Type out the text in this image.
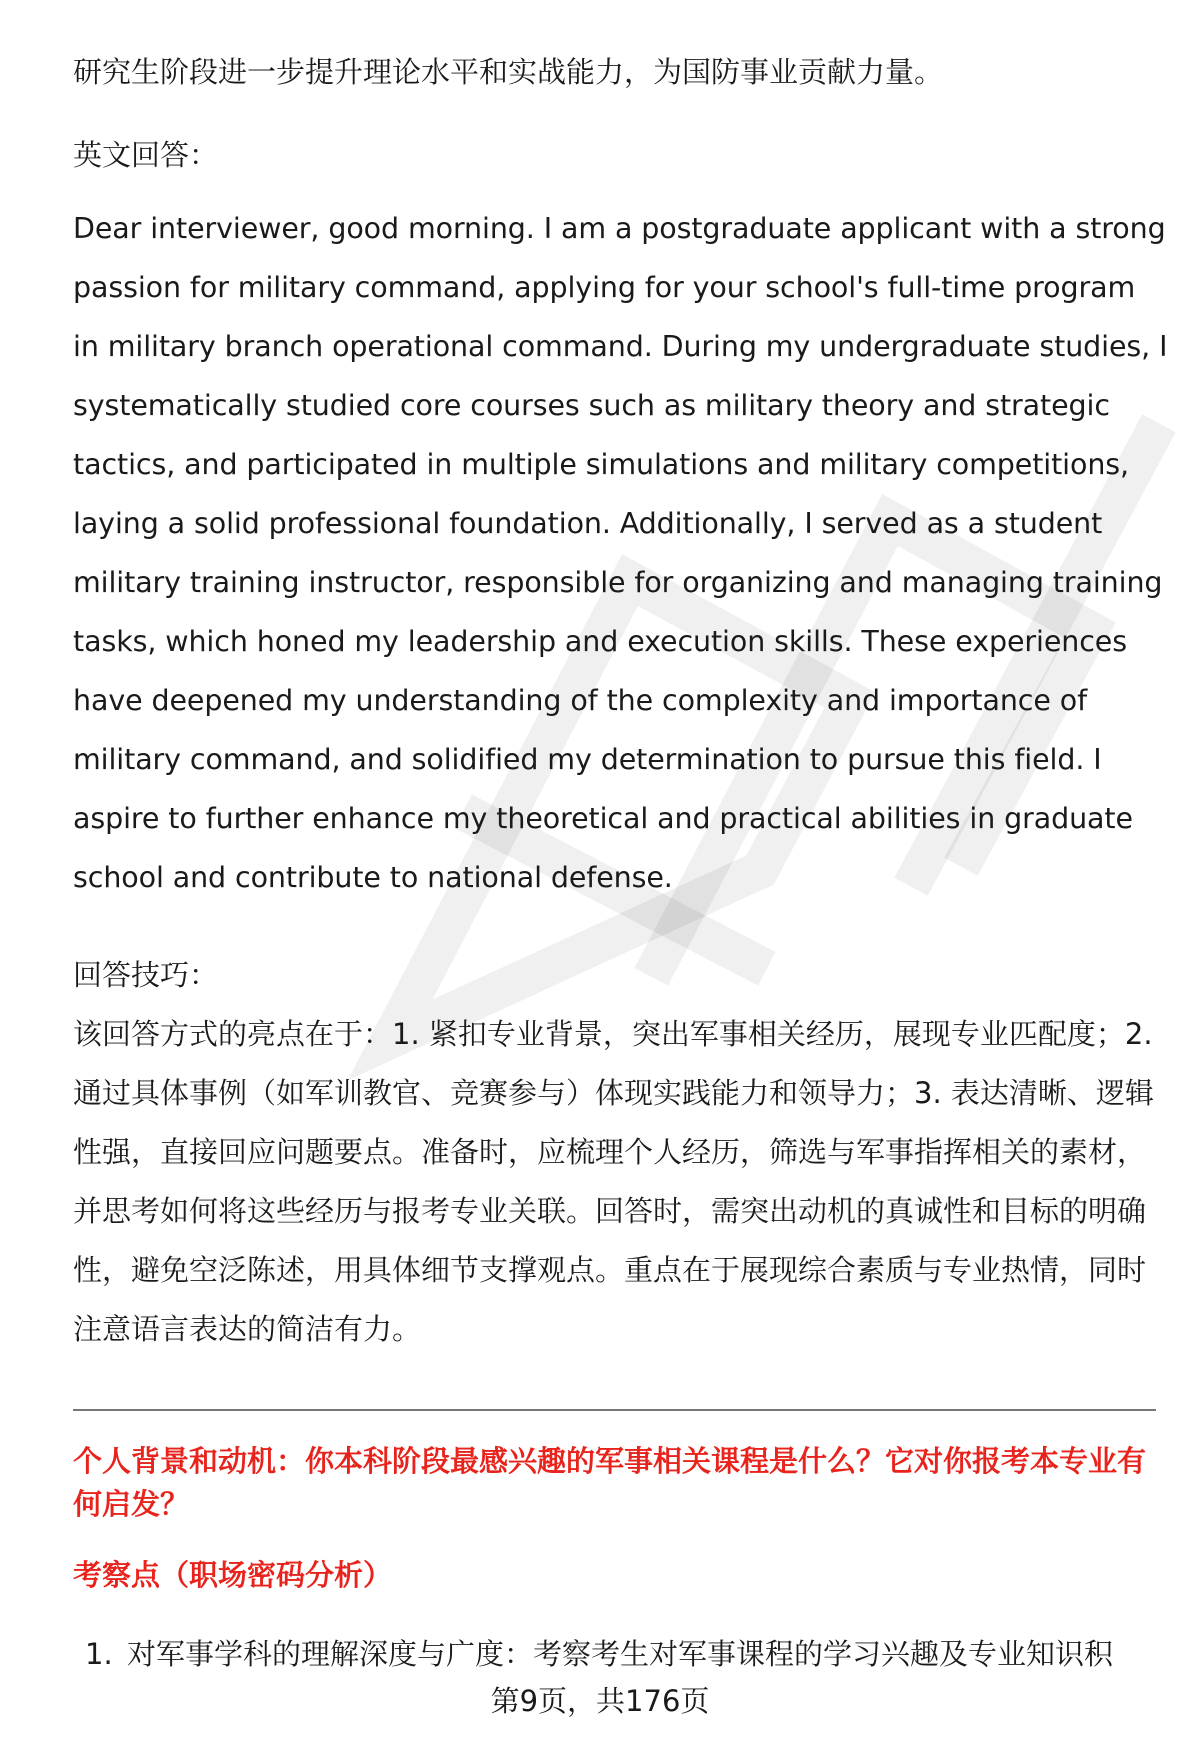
研究生阶段进一步提升理论水平和实战能力，为国防事业贡献力量。

英文回答：

Dear interviewer, good morning. I am a postgraduate applicant with a strong passion for military command, applying for your school's full-time program in military branch operational command. During my undergraduate studies, I systematically studied core courses such as military theory and strategic tactics, and participated in multiple simulations and military competitions, laying a solid professional foundation. Additionally, I served as a student military training instructor, responsible for organizing and managing training tasks, which honed my leadership and execution skills. These experiences have deepened my understanding of the complexity and importance of military command, and solidified my determination to pursue this field. I aspire to further enhance my theoretical and practical abilities in graduate school and contribute to national defense.

回答技巧：

该回答方式的亮点在于：1. 紧扣专业背景，突出军事相关经历，展现专业匹配度；2. 通过具体事例（如军训教官、竞赛参与）体现实践能力和领导力；3. 表达清晰、逻辑性强，直接回应问题要点。准备时，应梳理个人经历，筛选与军事指挥相关的素材，并思考如何将这些经历与报考专业关联。回答时，需突出动机的真诚性和目标的明确性，避免空泛陈述，用具体细节支撑观点。重点在于展现综合素质与专业热情，同时注意语言表达的简洁有力。

个人背景和动机：你本科阶段最感兴趣的军事相关课程是什么？它对你报考本专业有何启发？

考察点（职场密码分析）

1. 对军事学科的理解深度与广度：考察考生对军事课程的学习兴趣及专业知识积

第9页，共176页
